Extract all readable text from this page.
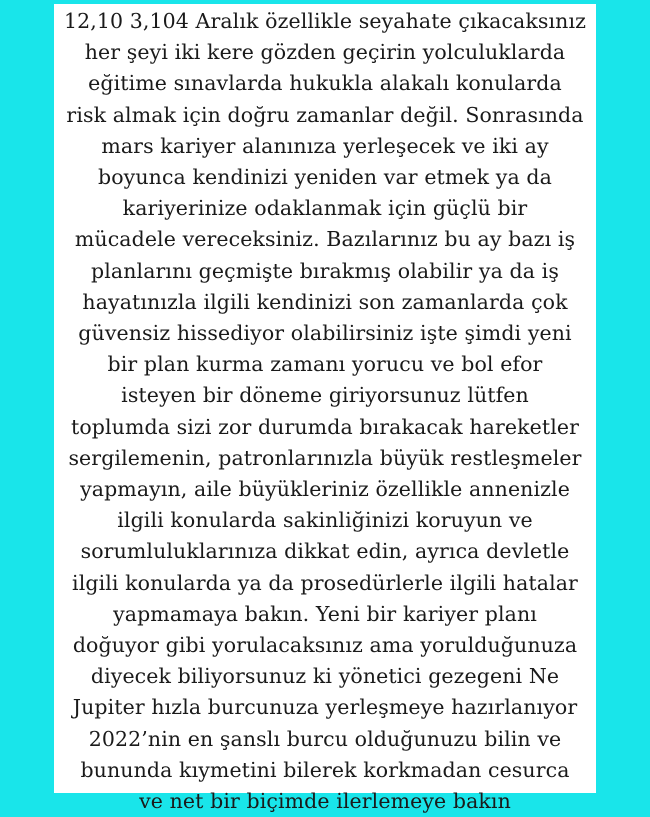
12,10 3,104 Aralık özellikle seyahate çıkacaksınız
her şeyi iki kere gözden geçirin yolculuklarda
eğitime sınavlarda hukukla alakalı konularda
risk almak için doğru zamanlar değil. Sonrasında
mars kariyer alanınıza yerleşecek ve iki ay
boyunca kendinizi yeniden var etmek ya da
kariyerinize odaklanmak için güçlü bir
mücadele vereceksiniz. Bazılarınız bu ay bazı iş
planlarını geçmişte bırakmış olabilir ya da iş
hayatınızla ilgili kendinizi son zamanlarda çok
güvensiz hissediyor olabilirsiniz işte şimdi yeni
bir plan kurma zamanı yorucu ve bol efor
isteyen bir döneme giriyorsunuz lütfen
toplumda sizi zor durumda bırakacak hareketler
sergilemenin, patronlarınızla büyük restleşmeler
yapmayın, aile büyükleriniz özellikle annenizle
ilgili konularda sakinliğinizi koruyun ve
sorumluluklarınıza dikkat edin, ayrıca devletle
ilgili konularda ya da prosedürlerle ilgili hatalar
yapmamaya bakın. Yeni bir kariyer planı
doğuyor gibi yorulacaksınız ama yorulduğunuza
diyecek biliyorsunuz ki yönetici gezegeni Ne
Jupiter hızla burcunuza yerleşmeye hazırlanıyor
2022’nin en şanslı burcu olduğunuzu bilin ve
bununda kıymetini bilerek korkmadan cesurca
ve net bir biçimde ilerlemeye bakın
